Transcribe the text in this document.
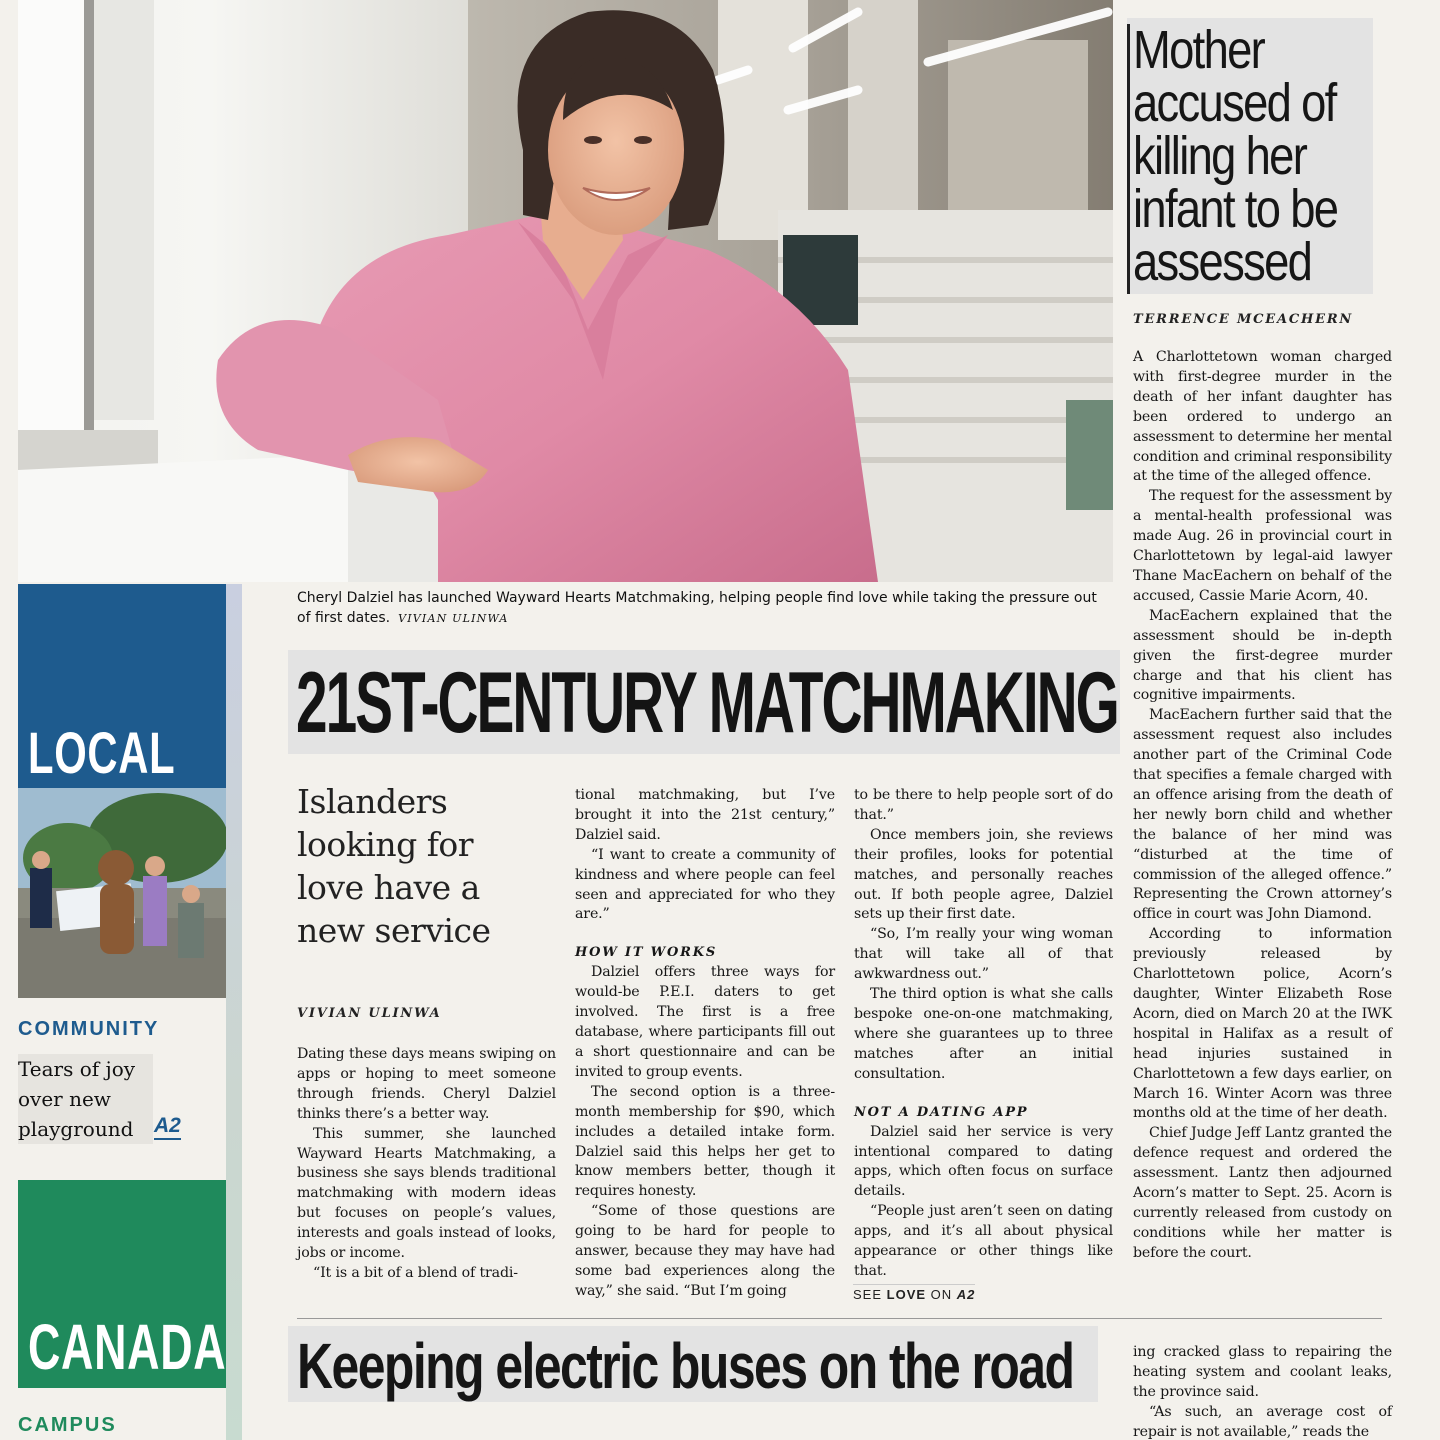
Cheryl Dalziel has launched Wayward Hearts Matchmaking, helping people find love while taking the pressure out of first dates. VIVIAN ULINWA
LOCAL
COMMUNITY
Tears of joy over new playground A2
CANADA
CAMPUS
21ST-CENTURY MATCHMAKING
Islanders looking for love have a new service
VIVIAN ULINWA

Dating these days means swiping on apps or hoping to meet someone through friends. Cheryl Dalziel thinks there’s a better way.

This summer, she launched Wayward Hearts Matchmaking, a business she says blends traditional matchmaking with modern ideas but focuses on people’s values, interests and goals instead of looks, jobs or income.

“It is a bit of a blend of tradi-

tional matchmaking, but I’ve brought it into the 21st century,” Dalziel said.

“I want to create a community of kindness and where people can feel seen and appreciated for who they are.”

HOW IT WORKS

Dalziel offers three ways for would-be P.E.I. daters to get involved. The first is a free database, where participants fill out a short questionnaire and can be invited to group events.

The second option is a three-month membership for $90, which includes a detailed intake form. Dalziel said this helps her get to know members better, though it requires honesty.

“Some of those questions are going to be hard for people to answer, because they may have had some bad experiences along the way,” she said. “But I’m going

to be there to help people sort of do that.”

Once members join, she reviews their profiles, looks for potential matches, and personally reaches out. If both people agree, Dalziel sets up their first date.

“So, I’m really your wing woman that will take all of that awkwardness out.”

The third option is what she calls bespoke one-on-one matchmaking, where she guarantees up to three matches after an initial consultation.

NOT A DATING APP

Dalziel said her service is very intentional compared to dating apps, which often focus on surface details.

“People just aren’t seen on dating apps, and it’s all about physical appearance or other things like that.

SEE LOVE ON A2
Mother accused of killing her infant to be assessed
TERRENCE MCEACHERN

A Charlottetown woman charged with first-degree murder in the death of her infant daughter has been ordered to undergo an assessment to determine her mental condition and criminal responsibility at the time of the alleged offence.

The request for the assessment by a mental-health professional was made Aug. 26 in provincial court in Charlottetown by legal-aid lawyer Thane MacEachern on behalf of the accused, Cassie Marie Acorn, 40.

MacEachern explained that the assessment should be in-depth given the first-degree murder charge and that his client has cognitive impairments.

MacEachern further said that the assessment request also includes another part of the Criminal Code that specifies a female charged with an offence arising from the death of her newly born child and whether the balance of her mind was “disturbed at the time of commission of the alleged offence.” Representing the Crown attorney’s office in court was John Diamond.

According to information previously released by Charlottetown police, Acorn’s daughter, Winter Elizabeth Rose Acorn, died on March 20 at the IWK hospital in Halifax as a result of head injuries sustained in Charlottetown a few days earlier, on March 16. Winter Acorn was three months old at the time of her death.

Chief Judge Jeff Lantz granted the defence request and ordered the assessment. Lantz then adjourned Acorn’s matter to Sept. 25. Acorn is currently released from custody on conditions while her matter is before the court.

Keeping electric buses on the road	ing cracked glass to repairing the heating system and coolant leaks, the province said.

“As such, an average cost of repair is not available,” reads the
